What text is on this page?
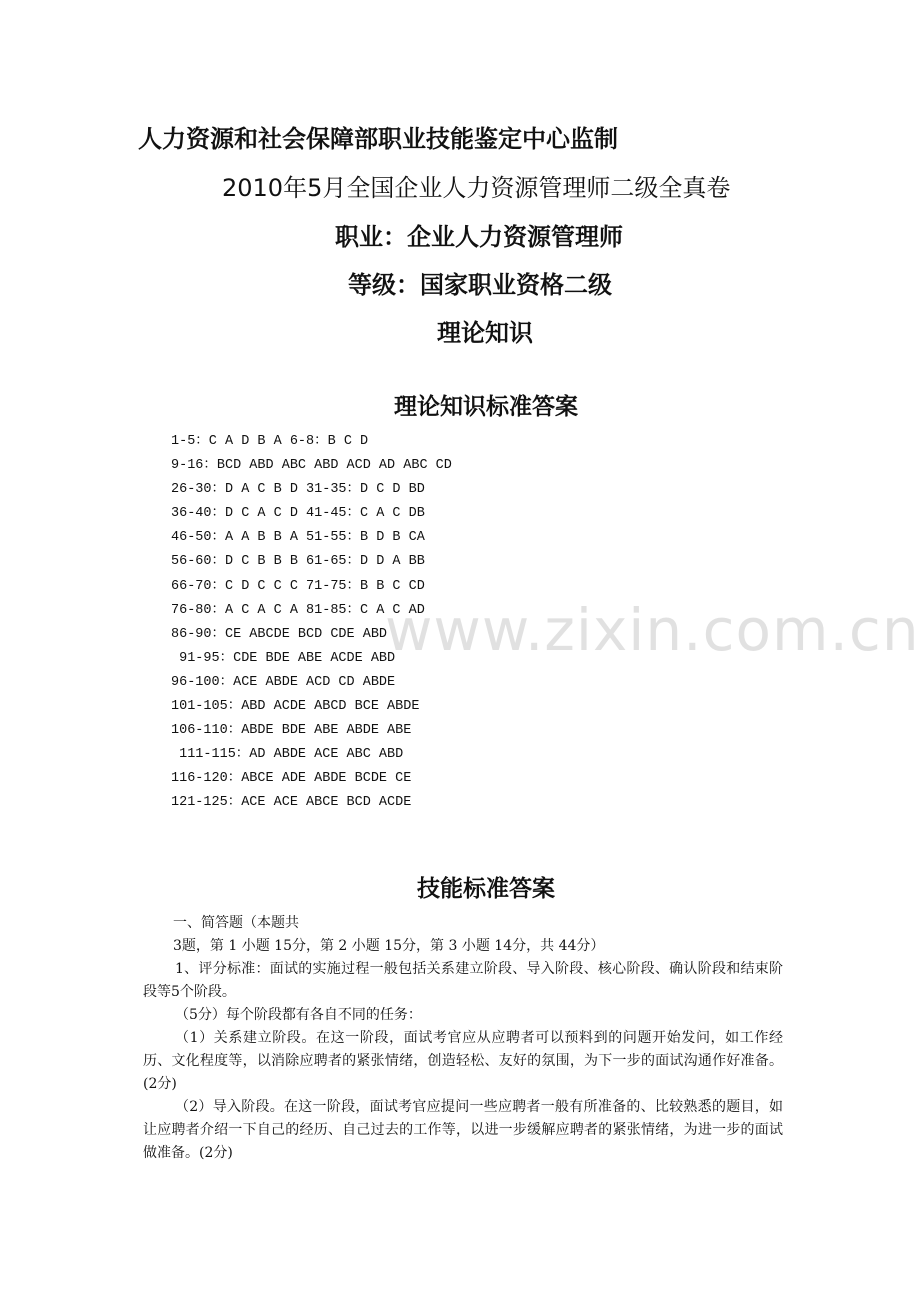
人力资源和社会保障部职业技能鉴定中心监制
2010年5月全国企业人力资源管理师二级全真卷
职业：企业人力资源管理师
等级：国家职业资格二级
理论知识
理论知识标准答案
1-5：C A D B A 6-8：B C D
9-16：BCD ABD ABC ABD ACD AD ABC CD
26-30：D A C B D 31-35：D C D BD
36-40：D C A C D 41-45：C A C DB
46-50：A A B B A 51-55：B D B CA
56-60：D C B B B 61-65：D D A BB
66-70：C D C C C 71-75：B B C CD
76-80：A C A C A 81-85：C A C AD
86-90：CE ABCDE BCD CDE ABD
91-95：CDE BDE ABE ACDE ABD
96-100：ACE ABDE ACD CD ABDE
101-105：ABD ACDE ABCD BCE ABDE
106-110：ABDE BDE ABE ABDE ABE
111-115：AD ABDE ACE ABC ABD
116-120：ABCE ADE ABDE BCDE CE
121-125：ACE ACE ABCE BCD ACDE
技能标准答案

一、简答题（本题共

3题，第 1 小题 15分，第 2 小题 15分，第 3 小题 14分，共 44分）

1、评分标准：面试的实施过程一般包括关系建立阶段、导入阶段、核心阶段、确认阶段和结束阶段等5个阶段。

（5分）每个阶段都有各自不同的任务：

（1）关系建立阶段。在这一阶段，面试考官应从应聘者可以预料到的问题开始发问，如工作经历、文化程度等，以消除应聘者的紧张情绪，创造轻松、友好的氛围，为下一步的面试沟通作好准备。(2分)

（2）导入阶段。在这一阶段，面试考官应提问一些应聘者一般有所准备的、比较熟悉的题目，如让应聘者介绍一下自己的经历、自己过去的工作等，以进一步缓解应聘者的紧张情绪，为进一步的面试做准备。(2分)

www.zixin.com.cn
